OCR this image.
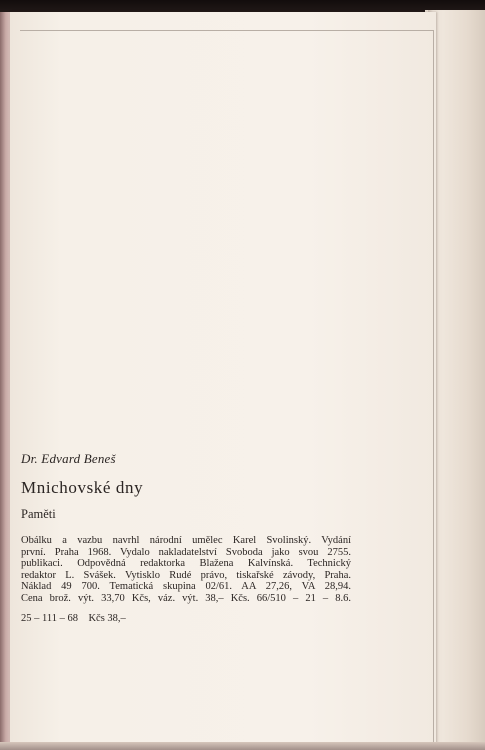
Dr. Edvard Beneš

Mnichovské dny

Paměti

Obálku a vazbu navrhl národní umělec Karel Svolinský. Vydání
první. Praha 1968. Vydalo nakladatelství Svoboda jako svou 2755.
publikaci. Odpovědná redaktorka Blažena Kalvínská. Technický
redaktor L. Svášek. Vytisklo Rudé právo, tiskařské závody, Praha.
Náklad 49 700. Tematická skupina 02/61. AA 27,26, VA 28,94.
Cena brož. výt. 33,70 Kčs, váz. výt. 38,– Kčs. 66/510 – 21 – 8.6.

25 – 111 – 68    Kčs 38,–
